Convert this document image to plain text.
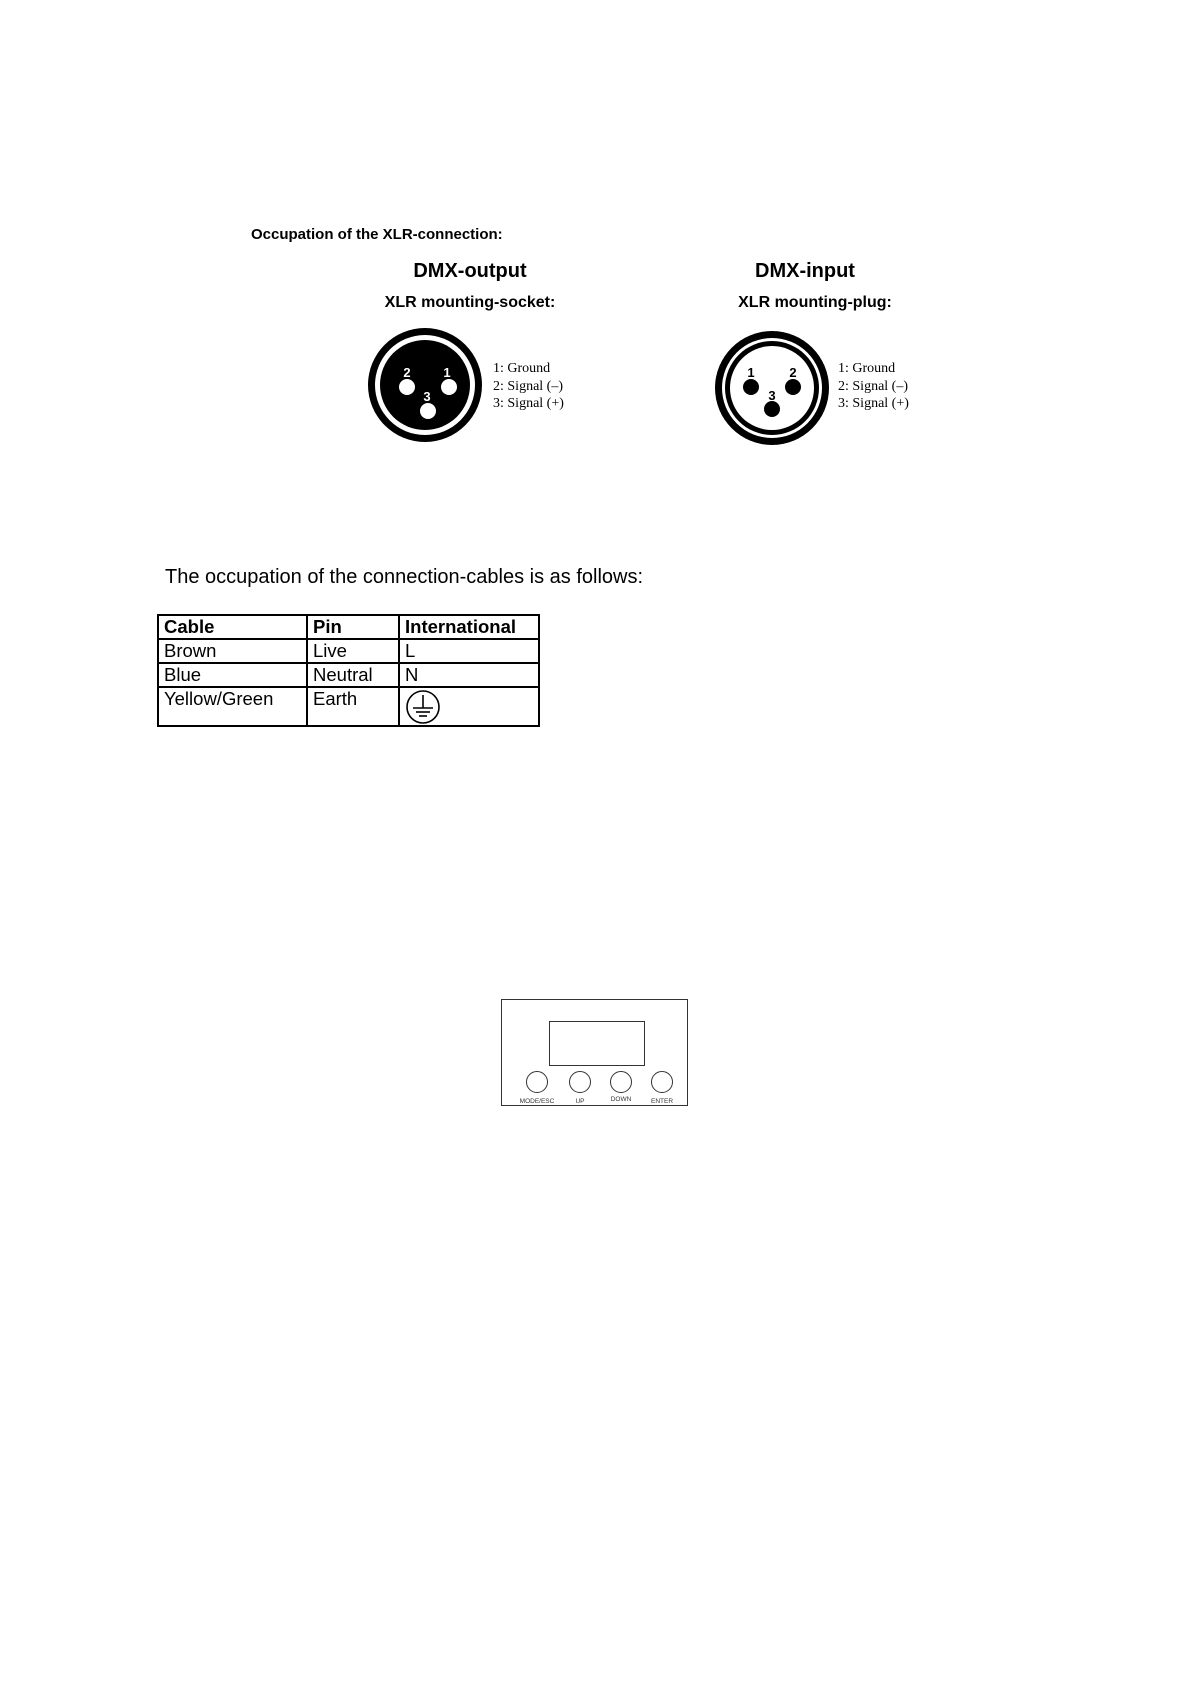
Occupation of the XLR-connection:
DMX-output
XLR mounting-socket:
2	1
3
1: Ground
2: Signal (–)
3: Signal (+)
DMX-input
XLR mounting-plug:
1	2
3
1: Ground
2: Signal (–)
3: Signal (+)
The occupation of the connection-cables is as follows:
Cable	Pin	International
Brown	Live	L
Blue	Neutral	N
Yellow/Green	Earth	
MODE/ESC	UP	DOWN	ENTER
